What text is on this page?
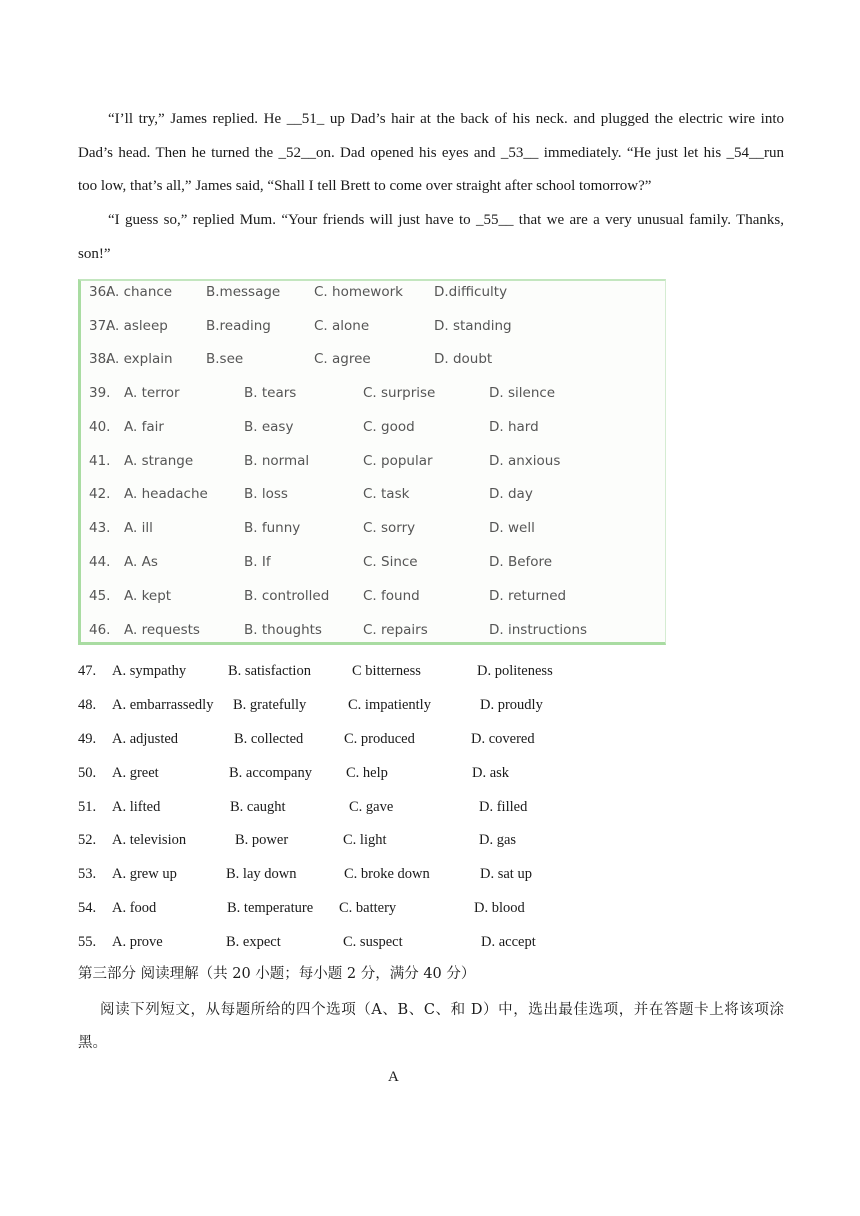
“I’ll try,” James replied. He __51_ up Dad’s hair at the back of his neck. and plugged the electric wire into
Dad’s head. Then he turned the _52__on. Dad opened his eyes and _53__ immediately. “He just let his _54__run
too low, that’s all,” James said, “Shall I tell Brett to come over straight after school tomorrow?”
“I guess so,” replied Mum. “Your friends will just have to _55__ that we are a very unusual family. Thanks,
son!”
36.
A. chance	B.message	C. homework D.difficulty
37.
A. asleep	B.reading	C. alone	D. standing
38.
A. explain B.see	C. agree	D. doubt
39. A. terror	B. tears	C. surprise	D. silence
40. A. fair	B. easy	C. good	D. hard
41. A. strange	B. normal	C. popular	D. anxious
42. A. headache	B. loss	C. task	D. day
43. A. ill	B. funny	C. sorry	D. well
44. A. As	B. If	C. Since	D. Before
45. A. kept	B. controlled C. found	D. returned
46. A. requests	B. thoughts	C. repairs	D. instructions
47. A. sympathy	B. satisfaction	C bitterness	D. politeness
48. A. embarrassedly B. gratefully	C. impatiently	D. proudly
49. A. adjusted	B. collected	C. produced	D. covered
50. A. greet	B. accompany C. help	D. ask
51. A. lifted	B. caught	C. gave	D. filled
52. A. television	B. power	C. light	D. gas
53. A. grew up	B. lay down	C. broke down	D. sat up
54. A. food	B. temperature C. battery	D. blood
55. A. prove	B. expect	C. suspect	D. accept
第三部分 阅读理解（共 20 小题；每小题 2 分，满分 40 分）
阅读下列短文，从每题所给的四个选项（A、B、C、和 D）中，选出最佳选项，并在答题卡上将该项涂
黑。
A
